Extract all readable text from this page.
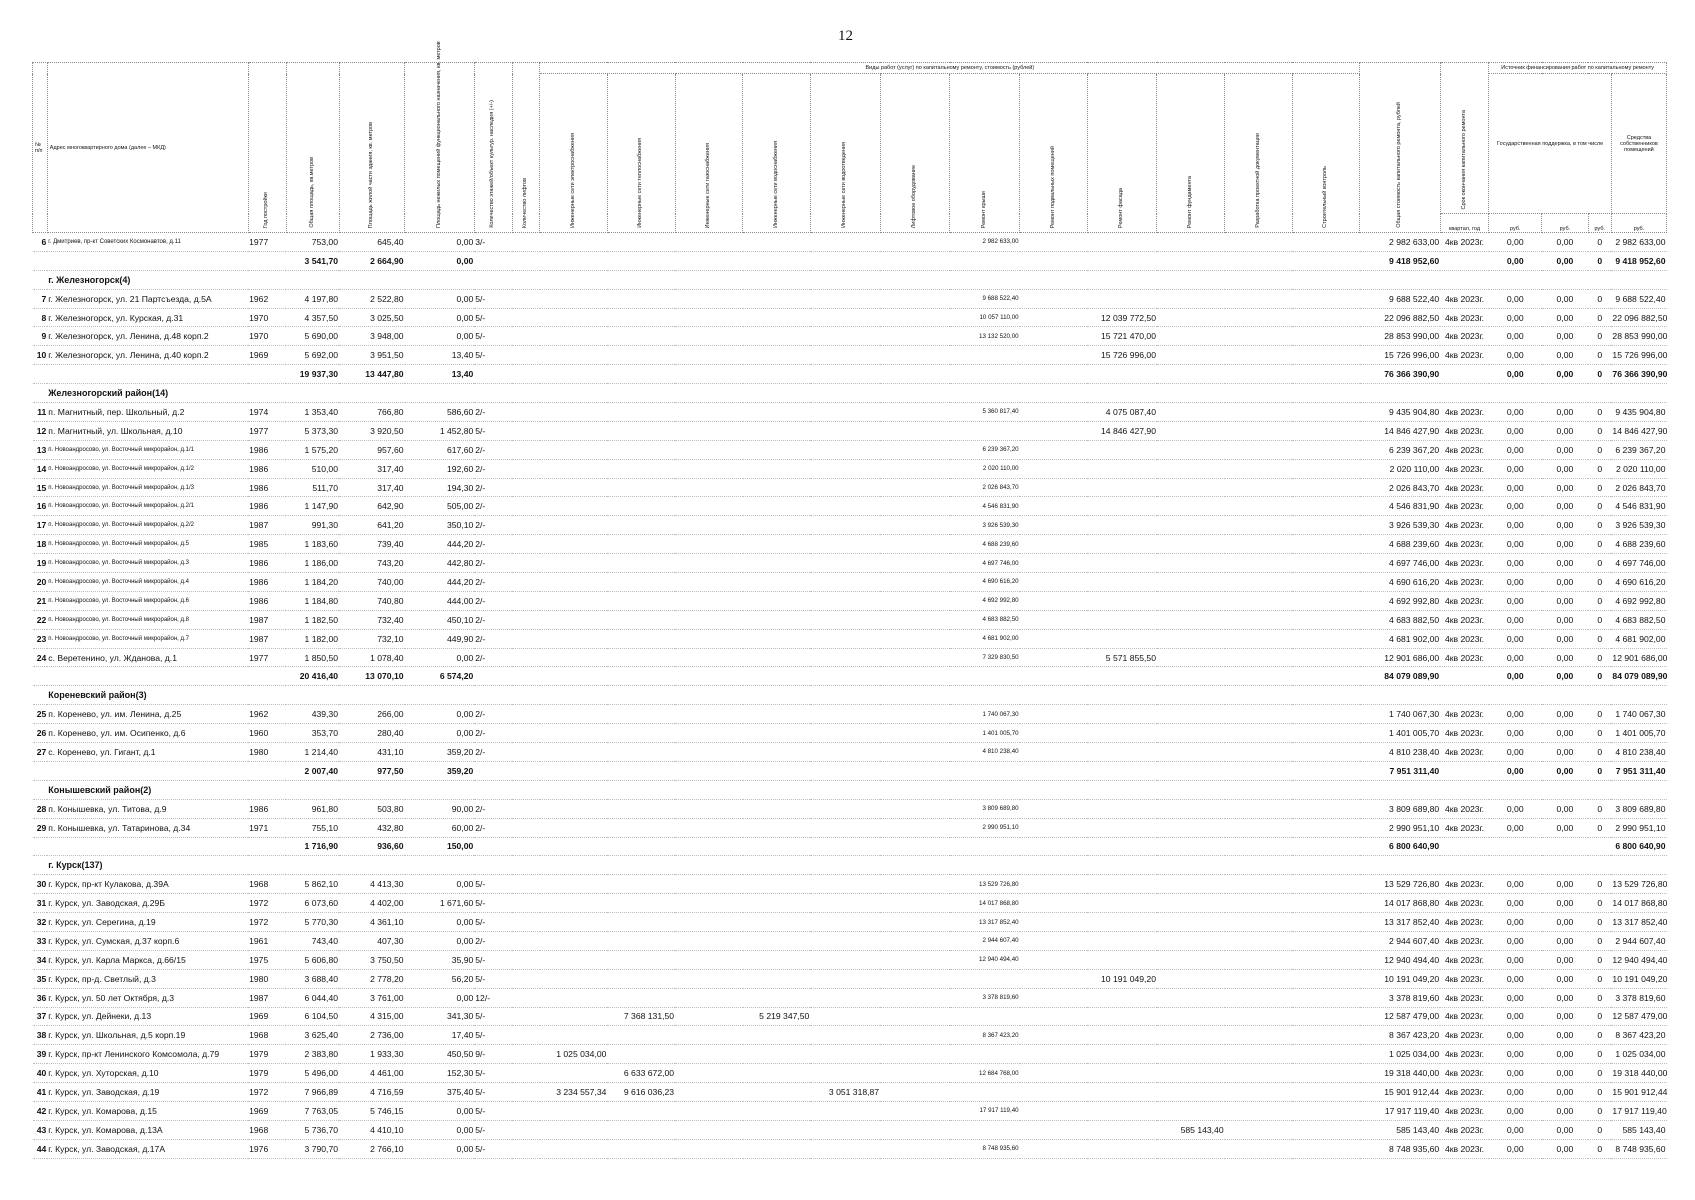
12
№ п/п	Адрес многоквартирного дома (далее – МКД)	Год постройки	Общая площадь, кв.метров	Площадь жилой части здания, кв. метров	Площадь нежилых помещений функционального назначения, кв. метров	Количество этажей/объект культур. наследия (+/-)	Количество лифтов	Виды работ (услуг) по капитальному ремонту, стоимость (рублей)												Общая стоимость капитального ремонта, рублей	Срок окончания капитального ремонта	Источник финансирования работ по капитальному ремонту			
								Инженерные сети электроснабжения	Инженерные сети теплоснабжения	Инженерные сети газоснабжения	Инженерные сети водоснабжения	Инженерные сети водоотведения	Лифтовое оборудование	Ремонт крыши	Ремонт подвальных помещений	Ремонт фасада	Ремонт фундамента	Разработка проектной документации	Строительный контроль			Государственная поддержка, в том числе			Средства собственников помещений
																					квартал, год	руб.	руб.	руб.	руб.
6	г. Дмитриев, пр-кт Советских Космонавтов, д.11	1977	753,00	645,40	0,00	3/-								2 982 633,00						2 982 633,00	4кв 2023г.	0,00	0,00	0	2 982 633,00
			3 541,70	2 664,90	0,00															9 418 952,60		0,00	0,00	0	9 418 952,60
	г. Железногорск(4)																								
7	г. Железногорск, ул. 21 Партсъезда, д.5А	1962	4 197,80	2 522,80	0,00	5/-								9 688 522,40						9 688 522,40	4кв 2023г.	0,00	0,00	0	9 688 522,40
8	г. Железногорск, ул. Курская, д.31	1970	4 357,50	3 025,50	0,00	5/-								10 057 110,00		12 039 772,50				22 096 882,50	4кв 2023г.	0,00	0,00	0	22 096 882,50
9	г. Железногорск, ул. Ленина, д.48 корп.2	1970	5 690,00	3 948,00	0,00	5/-								13 132 520,00		15 721 470,00				28 853 990,00	4кв 2023г.	0,00	0,00	0	28 853 990,00
10	г. Железногорск, ул. Ленина, д.40 корп.2	1969	5 692,00	3 951,50	13,40	5/-										15 726 996,00				15 726 996,00	4кв 2023г.	0,00	0,00	0	15 726 996,00
			19 937,30	13 447,80	13,40															76 366 390,90		0,00	0,00	0	76 366 390,90
	Железногорский район(14)																								
11	п. Магнитный, пер. Школьный, д.2	1974	1 353,40	766,80	586,60	2/-								5 360 817,40		4 075 087,40				9 435 904,80	4кв 2023г.	0,00	0,00	0	9 435 904,80
12	п. Магнитный, ул. Школьная, д.10	1977	5 373,30	3 920,50	1 452,80	5/-										14 846 427,90				14 846 427,90	4кв 2023г.	0,00	0,00	0	14 846 427,90
13	п. Новоандросово, ул. Восточный микрорайон, д.1/1	1986	1 575,20	957,60	617,60	2/-								6 239 367,20						6 239 367,20	4кв 2023г.	0,00	0,00	0	6 239 367,20
14	п. Новоандросово, ул. Восточный микрорайон, д.1/2	1986	510,00	317,40	192,60	2/-								2 020 110,00						2 020 110,00	4кв 2023г.	0,00	0,00	0	2 020 110,00
15	п. Новоандросово, ул. Восточный микрорайон, д.1/3	1986	511,70	317,40	194,30	2/-								2 026 843,70						2 026 843,70	4кв 2023г.	0,00	0,00	0	2 026 843,70
16	п. Новоандросово, ул. Восточный микрорайон, д.2/1	1986	1 147,90	642,90	505,00	2/-								4 546 831,90						4 546 831,90	4кв 2023г.	0,00	0,00	0	4 546 831,90
17	п. Новоандросово, ул. Восточный микрорайон, д.2/2	1987	991,30	641,20	350,10	2/-								3 926 539,30						3 926 539,30	4кв 2023г.	0,00	0,00	0	3 926 539,30
18	п. Новоандросово, ул. Восточный микрорайон, д.5	1985	1 183,60	739,40	444,20	2/-								4 688 239,60						4 688 239,60	4кв 2023г.	0,00	0,00	0	4 688 239,60
19	п. Новоандросово, ул. Восточный микрорайон, д.3	1986	1 186,00	743,20	442,80	2/-								4 697 746,00						4 697 746,00	4кв 2023г.	0,00	0,00	0	4 697 746,00
20	п. Новоандросово, ул. Восточный микрорайон, д.4	1986	1 184,20	740,00	444,20	2/-								4 690 616,20						4 690 616,20	4кв 2023г.	0,00	0,00	0	4 690 616,20
21	п. Новоандросово, ул. Восточный микрорайон, д.6	1986	1 184,80	740,80	444,00	2/-								4 692 992,80						4 692 992,80	4кв 2023г.	0,00	0,00	0	4 692 992,80
22	п. Новоандросово, ул. Восточный микрорайон, д.8	1987	1 182,50	732,40	450,10	2/-								4 683 882,50						4 683 882,50	4кв 2023г.	0,00	0,00	0	4 683 882,50
23	п. Новоандросово, ул. Восточный микрорайон, д.7	1987	1 182,00	732,10	449,90	2/-								4 681 902,00						4 681 902,00	4кв 2023г.	0,00	0,00	0	4 681 902,00
24	с. Веретенино, ул. Жданова, д.1	1977	1 850,50	1 078,40	0,00	2/-								7 329 830,50		5 571 855,50				12 901 686,00	4кв 2023г.	0,00	0,00	0	12 901 686,00
			20 416,40	13 070,10	6 574,20															84 079 089,90		0,00	0,00	0	84 079 089,90
	Кореневский район(3)																								
25	п. Коренево, ул. им. Ленина, д.25	1962	439,30	266,00	0,00	2/-								1 740 067,30						1 740 067,30	4кв 2023г.	0,00	0,00	0	1 740 067,30
26	п. Коренево, ул. им. Осипенко, д.6	1960	353,70	280,40	0,00	2/-								1 401 005,70						1 401 005,70	4кв 2023г.	0,00	0,00	0	1 401 005,70
27	с. Коренево, ул. Гигант, д.1	1980	1 214,40	431,10	359,20	2/-								4 810 238,40						4 810 238,40	4кв 2023г.	0,00	0,00	0	4 810 238,40
			2 007,40	977,50	359,20															7 951 311,40		0,00	0,00	0	7 951 311,40
	Конышевский район(2)																								
28	п. Конышевка, ул. Титова, д.9	1986	961,80	503,80	90,00	2/-								3 809 689,80						3 809 689,80	4кв 2023г.	0,00	0,00	0	3 809 689,80
29	п. Конышевка, ул. Татаринова, д.34	1971	755,10	432,80	60,00	2/-								2 990 951,10						2 990 951,10	4кв 2023г.	0,00	0,00	0	2 990 951,10
			1 716,90	936,60	150,00															6 800 640,90					6 800 640,90
	г. Курск(137)																								
30	г. Курск, пр-кт Кулакова, д.39А	1968	5 862,10	4 413,30	0,00	5/-								13 529 726,80						13 529 726,80	4кв 2023г.	0,00	0,00	0	13 529 726,80
31	г. Курск, ул. Заводская, д.29Б	1972	6 073,60	4 402,00	1 671,60	5/-								14 017 868,80						14 017 868,80	4кв 2023г.	0,00	0,00	0	14 017 868,80
32	г. Курск, ул. Серегина, д.19	1972	5 770,30	4 361,10	0,00	5/-								13 317 852,40						13 317 852,40	4кв 2023г.	0,00	0,00	0	13 317 852,40
33	г. Курск, ул. Сумская, д.37 корп.6	1961	743,40	407,30	0,00	2/-								2 944 607,40						2 944 607,40	4кв 2023г.	0,00	0,00	0	2 944 607,40
34	г. Курск, ул. Карла Маркса, д.66/15	1975	5 606,80	3 750,50	35,90	5/-								12 940 494,40						12 940 494,40	4кв 2023г.	0,00	0,00	0	12 940 494,40
35	г. Курск, пр-д. Светлый, д.3	1980	3 688,40	2 778,20	56,20	5/-										10 191 049,20				10 191 049,20	4кв 2023г.	0,00	0,00	0	10 191 049,20
36	г. Курск, ул. 50 лет Октября, д.3	1987	6 044,40	3 761,00	0,00	12/-								3 378 819,60						3 378 819,60	4кв 2023г.	0,00	0,00	0	3 378 819,60
37	г. Курск, ул. Дейнеки, д.13	1969	6 104,50	4 315,00	341,30	5/-			7 368 131,50		5 219 347,50									12 587 479,00	4кв 2023г.	0,00	0,00	0	12 587 479,00
38	г. Курск, ул. Школьная, д.5 корп.19	1968	3 625,40	2 736,00	17,40	5/-								8 367 423,20						8 367 423,20	4кв 2023г.	0,00	0,00	0	8 367 423,20
39	г. Курск, пр-кт Ленинского Комсомола, д.79	1979	2 383,80	1 933,30	450,50	9/-		1 025 034,00												1 025 034,00	4кв 2023г.	0,00	0,00	0	1 025 034,00
40	г. Курск, ул. Хуторская, д.10	1979	5 496,00	4 461,00	152,30	5/-			6 633 672,00					12 684 768,00						19 318 440,00	4кв 2023г.	0,00	0,00	0	19 318 440,00
41	г. Курск, ул. Заводская, д.19	1972	7 966,89	4 716,59	375,40	5/-		3 234 557,34	9 616 036,23			3 051 318,87								15 901 912,44	4кв 2023г.	0,00	0,00	0	15 901 912,44
42	г. Курск, ул. Комарова, д.15	1969	7 763,05	5 746,15	0,00	5/-								17 917 119,40						17 917 119,40	4кв 2023г.	0,00	0,00	0	17 917 119,40
43	г. Курск, ул. Комарова, д.13А	1968	5 736,70	4 410,10	0,00	5/-											585 143,40			585 143,40	4кв 2023г.	0,00	0,00	0	585 143,40
44	г. Курск, ул. Заводская, д.17А	1976	3 790,70	2 766,10	0,00	5/-								8 748 935,60						8 748 935,60	4кв 2023г.	0,00	0,00	0	8 748 935,60
